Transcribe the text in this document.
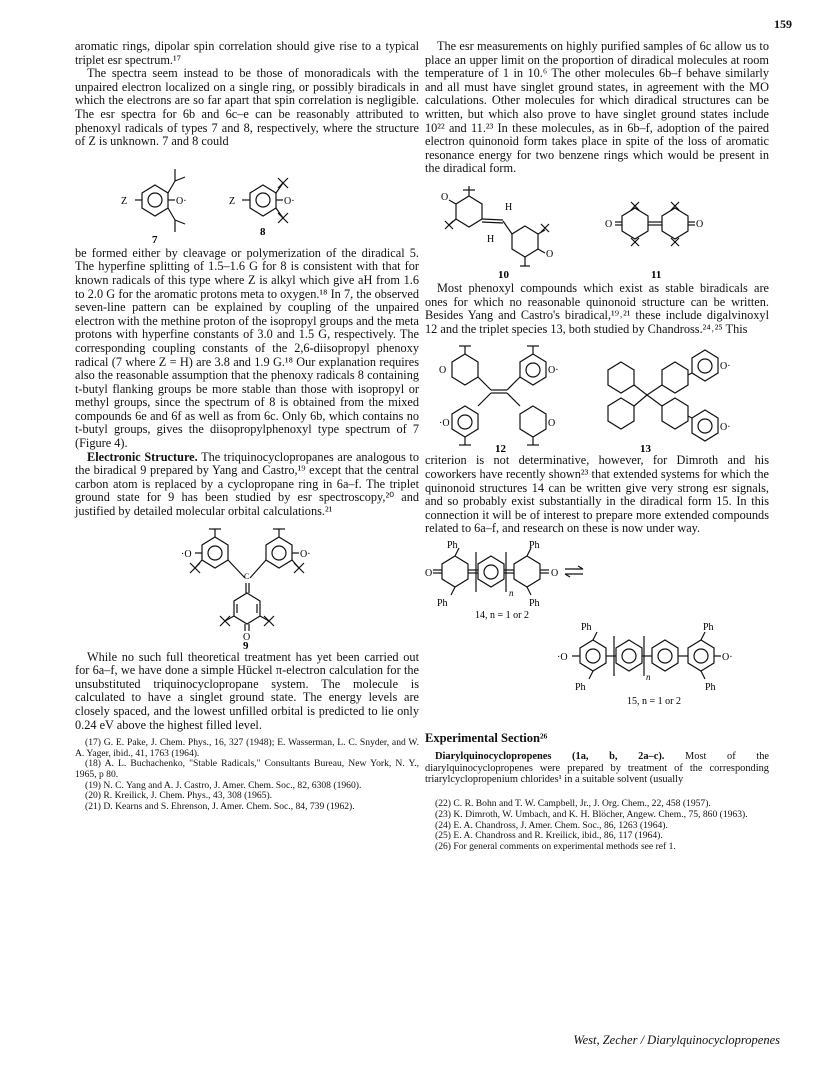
159

aromatic rings, dipolar spin correlation should give rise to a typical triplet esr spectrum.¹⁷

The spectra seem instead to be those of monoradicals with the unpaired electron localized on a single ring, or possibly biradicals in which the electrons are so far apart that spin correlation is negligible. The esr spectra for 6b and 6c–e can be reasonably attributed to phenoxyl radicals of types 7 and 8, respectively, where the structure of Z is unknown. 7 and 8 could

Z	O·
7
Z	O·
8

be formed either by cleavage or polymerization of the diradical 5. The hyperfine splitting of 1.5–1.6 G for 8 is consistent with that for known radicals of this type where Z is alkyl which give aH from 1.6 to 2.0 G for the aromatic protons meta to oxygen.¹⁸ In 7, the observed seven-line pattern can be explained by coupling of the unpaired electron with the methine proton of the isopropyl groups and the meta protons with hyperfine constants of 3.0 and 1.5 G, respectively. The corresponding coupling constants of the 2,6-diisopropyl phenoxy radical (7 where Z = H) are 3.8 and 1.9 G.¹⁸ Our explanation requires also the reasonable assumption that the phenoxy radicals 8 containing t-butyl flanking groups be more stable than those with isopropyl or methyl groups, since the spectrum of 8 is obtained from the mixed compounds 6e and 6f as well as from 6c. Only 6b, which contains no t-butyl groups, gives the diisopropylphenoxyl type spectrum of 7 (Figure 4).

Electronic Structure. The triquinocyclopropanes are analogous to the biradical 9 prepared by Yang and Castro,¹⁹ except that the central carbon atom is replaced by a cyclopropane ring in 6a–f. The triplet ground state for 9 has been studied by esr spectroscopy,²⁰ and justified by detailed molecular orbital calculations.²¹

·O	O·
C
O
9

While no such full theoretical treatment has yet been carried out for 6a–f, we have done a simple Hückel π-electron calculation for the unsubstituted triquinocyclopropane system. The molecule is calculated to have a singlet ground state. The energy levels are closely spaced, and the lowest unfilled orbital is predicted to lie only 0.24 eV above the highest filled level.

(17) G. E. Pake, J. Chem. Phys., 16, 327 (1948); E. Wasserman, L. C. Snyder, and W. A. Yager, ibid., 41, 1763 (1964).
(18) A. L. Buchachenko, "Stable Radicals," Consultants Bureau, New York, N. Y., 1965, p 80.
(19) N. C. Yang and A. J. Castro, J. Amer. Chem. Soc., 82, 6308 (1960).
(20) R. Kreilick, J. Chem. Phys., 43, 308 (1965).
(21) D. Kearns and S. Ehrenson, J. Amer. Chem. Soc., 84, 739 (1962).

The esr measurements on highly purified samples of 6c allow us to place an upper limit on the proportion of diradical molecules at room temperature of 1 in 10.⁶ The other molecules 6b–f behave similarly and all must have singlet ground states, in agreement with the MO calculations. Other molecules for which diradical structures can be written, but which also prove to have singlet ground states include 10²² and 11.²³ In these molecules, as in 6b–f, adoption of the paired electron quinonoid form takes place in spite of the loss of aromatic resonance energy for two benzene rings which would be present in the diradical form.

O
O
H
H
10
O	O
11

Most phenoxyl compounds which exist as stable biradicals are ones for which no reasonable quinonoid structure can be written. Besides Yang and Castro's biradical,¹⁹˒²¹ these include digalvinoxyl 12 and the triplet species 13, both studied by Chandross.²⁴˒²⁵ This

O	O·
·O	O
12
O·
O·
13

criterion is not determinative, however, for Dimroth and his coworkers have recently shown²³ that extended systems for which the quinonoid structures 14 can be written give very strong esr signals, and so probably exist substantially in the diradical form 15. In this connection it will be of interest to prepare more extended compounds related to 6a–f, and research on these is now under way.

Ph	Ph
Ph	Ph
O	O
n
14, n = 1 or 2
Ph	Ph
Ph	Ph
·O	O·
n
15, n = 1 or 2
Experimental Section²⁶

Diarylquinocyclopropenes (1a, b, 2a–c). Most of the diarylquinocyclopropenes were prepared by treatment of the corresponding triarylcyclopropenium chlorides¹ in a suitable solvent (usually

(22) C. R. Bohn and T. W. Campbell, Jr., J. Org. Chem., 22, 458 (1957).
(23) K. Dimroth, W. Umbach, and K. H. Blöcher, Angew. Chem., 75, 860 (1963).
(24) E. A. Chandross, J. Amer. Chem. Soc., 86, 1263 (1964).
(25) E. A. Chandross and R. Kreilick, ibid., 86, 117 (1964).
(26) For general comments on experimental methods see ref 1.
West, Zecher / Diarylquinocyclopropenes
